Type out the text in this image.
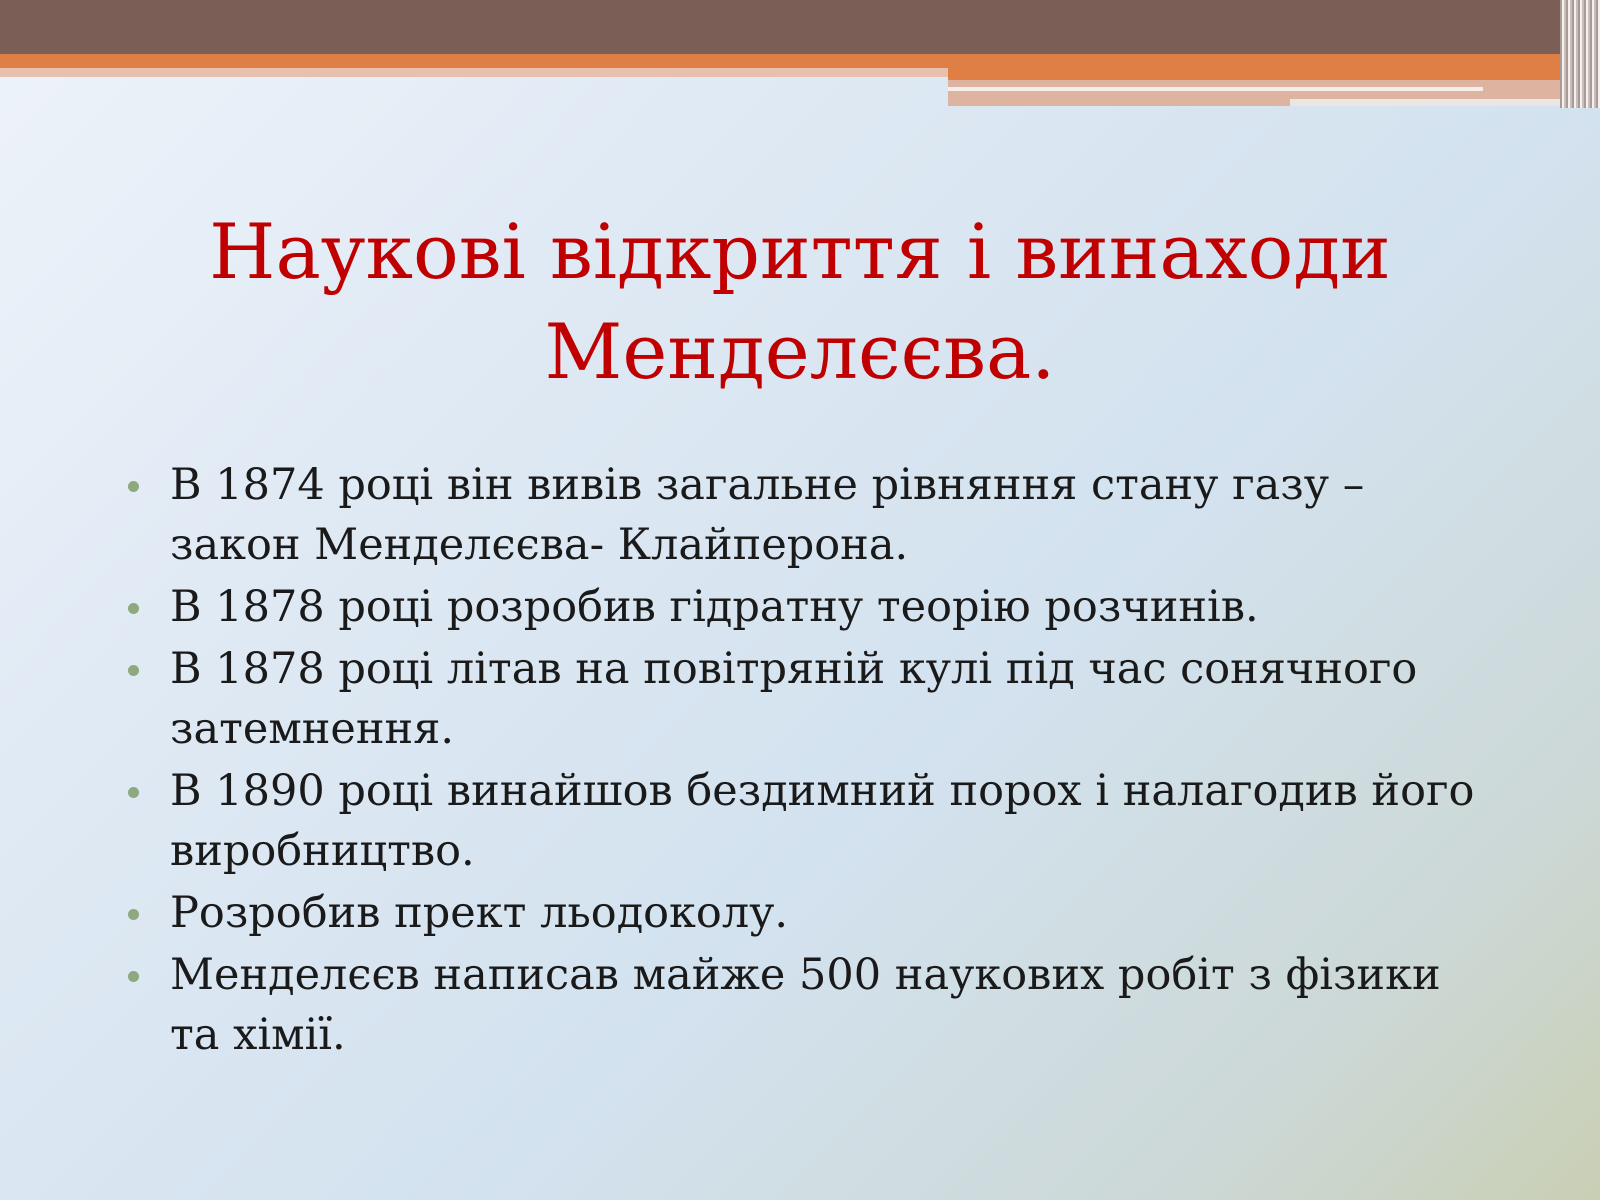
Наукові відкриття і винаходи Менделєєва.
В 1874 році він вивів загальне рівняння стану газу – закон Менделєєва- Клайперона.
В 1878 році розробив гідратну теорію розчинів.
В 1878 році літав на повітряній кулі під час сонячного затемнення.
В 1890 році винайшов бездимний порох і налагодив його виробництво.
Розробив прект льодоколу.
Менделєєв написав майже 500 наукових робіт з фізики та хімії.
